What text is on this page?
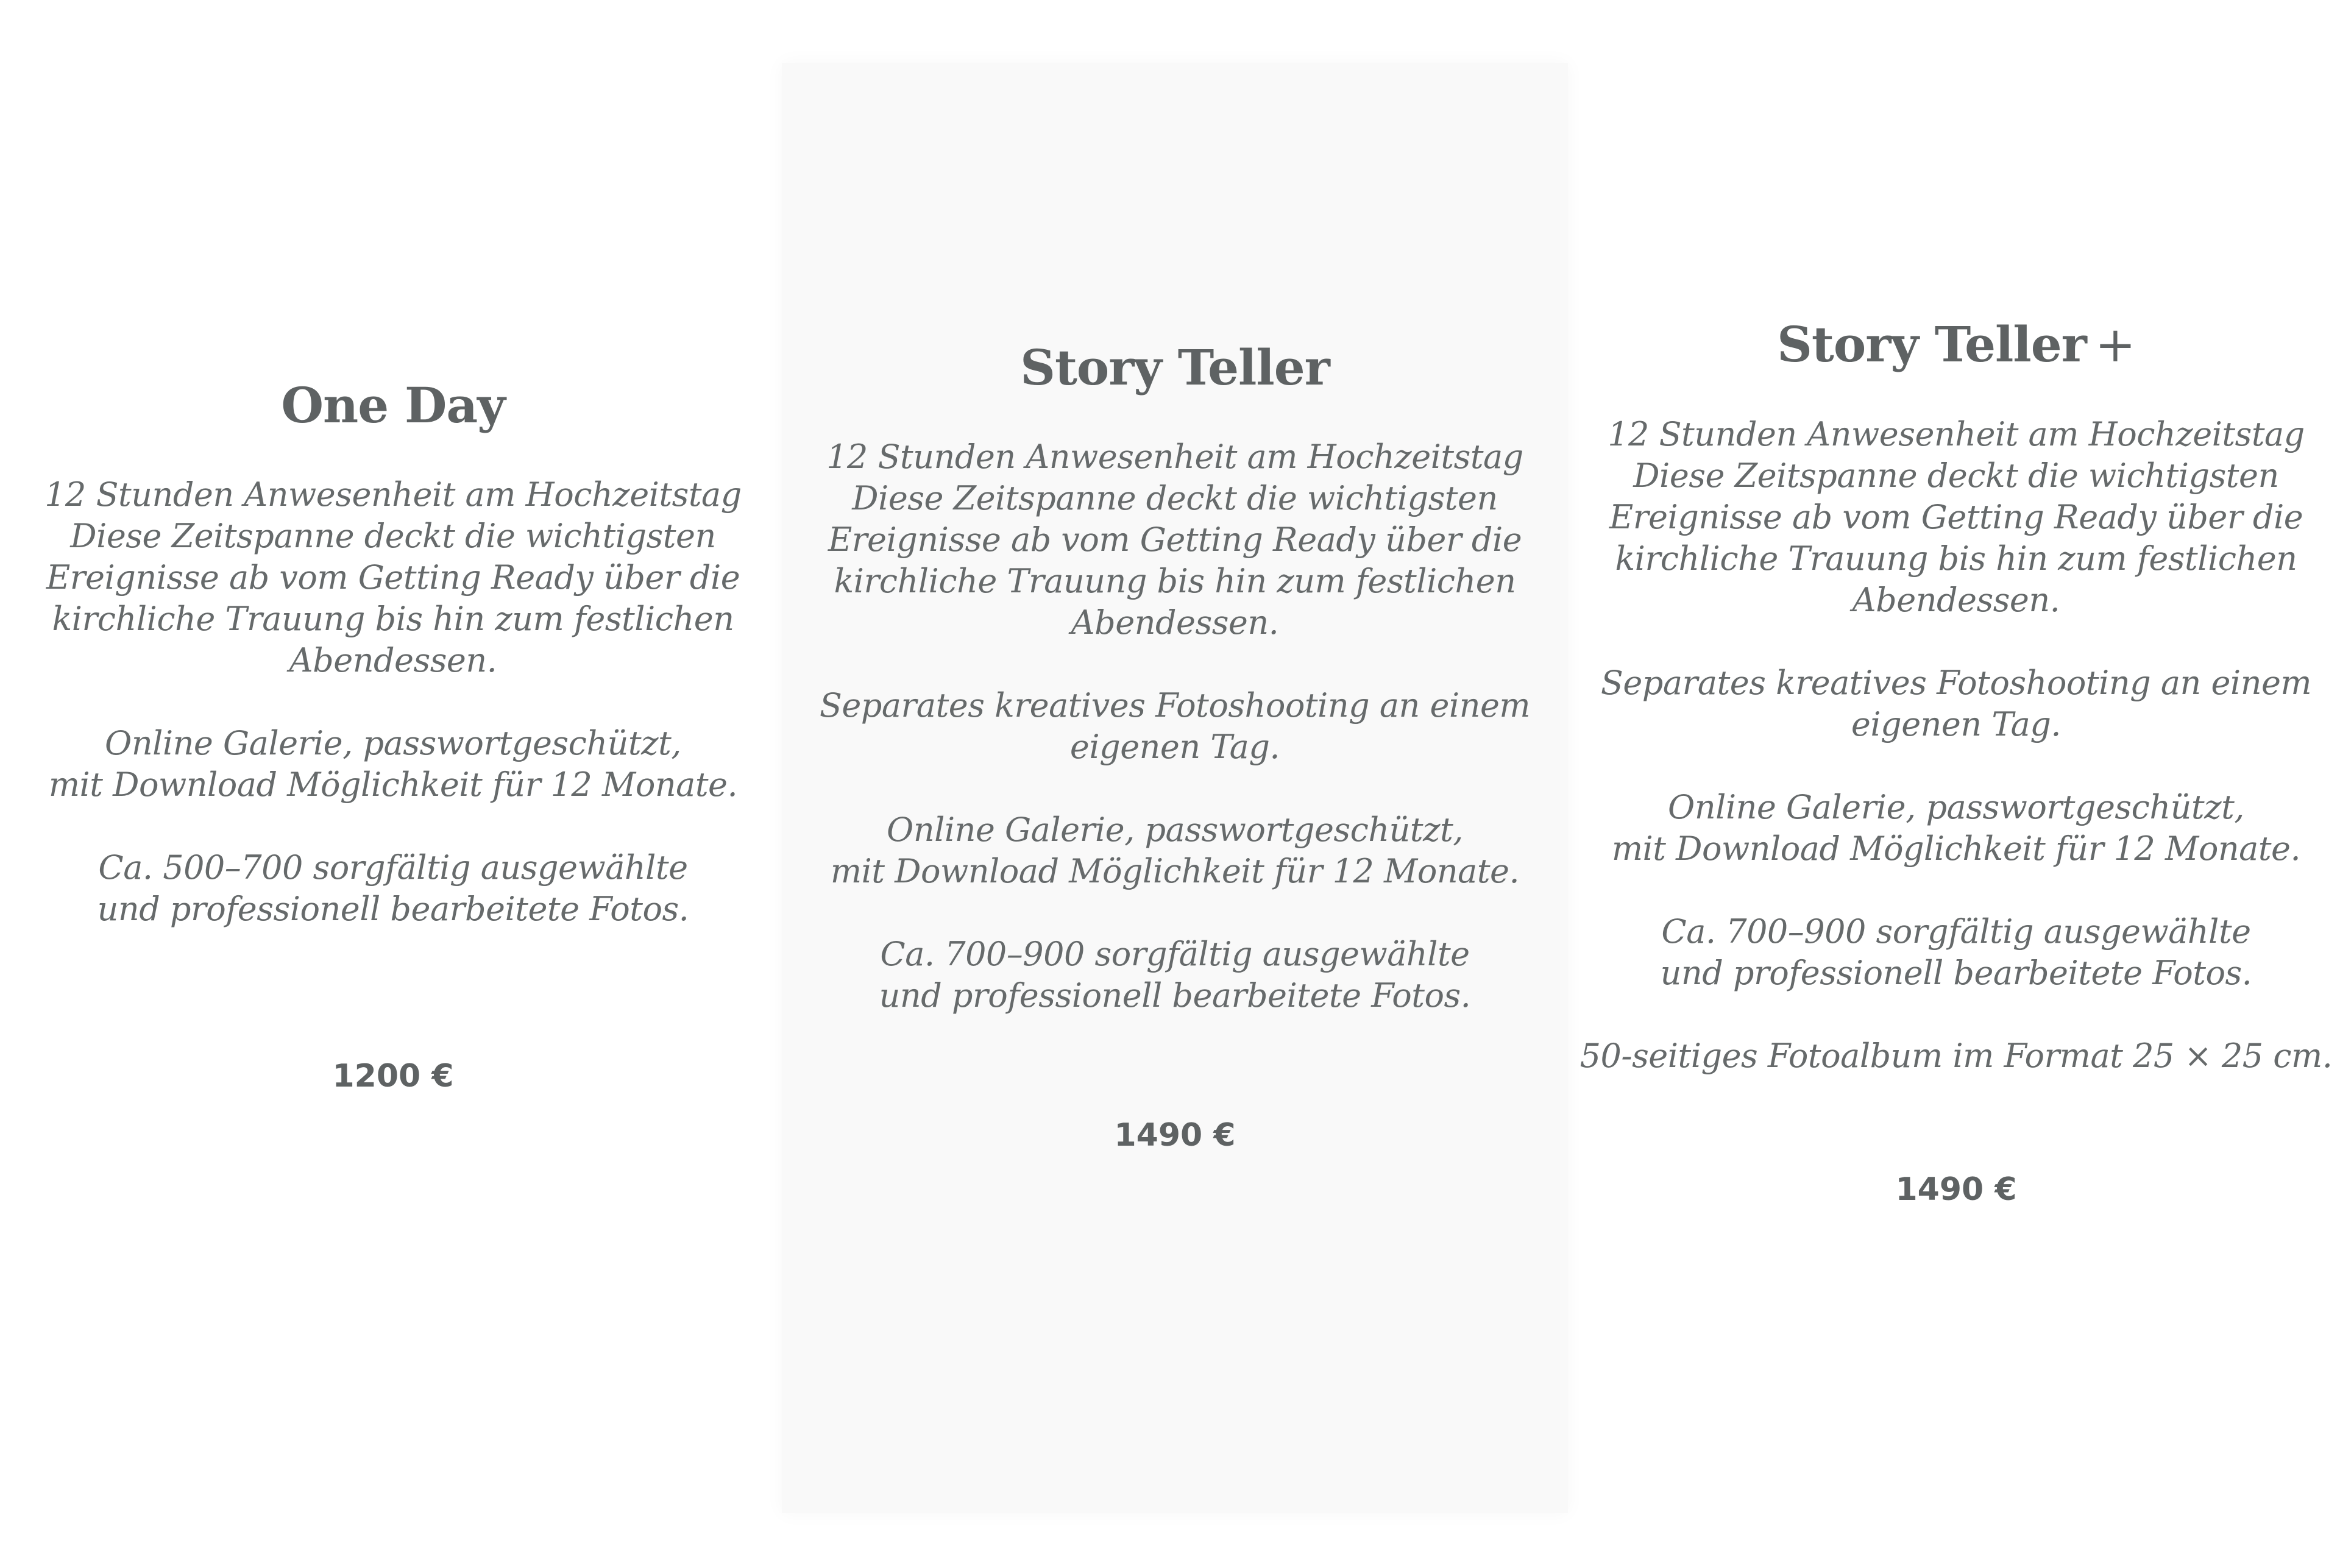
One Day

12 Stunden Anwesenheit am Hochzeitstag
Diese Zeitspanne deckt die wichtigsten
Ereignisse ab vom Getting Ready über die
kirchliche Trauung bis hin zum festlichen
Abendessen.

Online Galerie, passwortgeschützt,
mit Download Möglichkeit für 12 Monate.

Ca. 500–700 sorgfältig ausgewählte
und professionell bearbeitete Fotos.

1200 €
Story Teller

12 Stunden Anwesenheit am Hochzeitstag
Diese Zeitspanne deckt die wichtigsten
Ereignisse ab vom Getting Ready über die
kirchliche Trauung bis hin zum festlichen
Abendessen.

Separates kreatives Fotoshooting an einem
eigenen Tag.

Online Galerie, passwortgeschützt,
mit Download Möglichkeit für 12 Monate.

Ca. 700–900 sorgfältig ausgewählte
und professionell bearbeitete Fotos.

1490 €
Story Teller +

12 Stunden Anwesenheit am Hochzeitstag
Diese Zeitspanne deckt die wichtigsten
Ereignisse ab vom Getting Ready über die
kirchliche Trauung bis hin zum festlichen
Abendessen.

Separates kreatives Fotoshooting an einem
eigenen Tag.

Online Galerie, passwortgeschützt,
mit Download Möglichkeit für 12 Monate.

Ca. 700–900 sorgfältig ausgewählte
und professionell bearbeitete Fotos.

50-seitiges Fotoalbum im Format 25 × 25 cm.

1490 €
